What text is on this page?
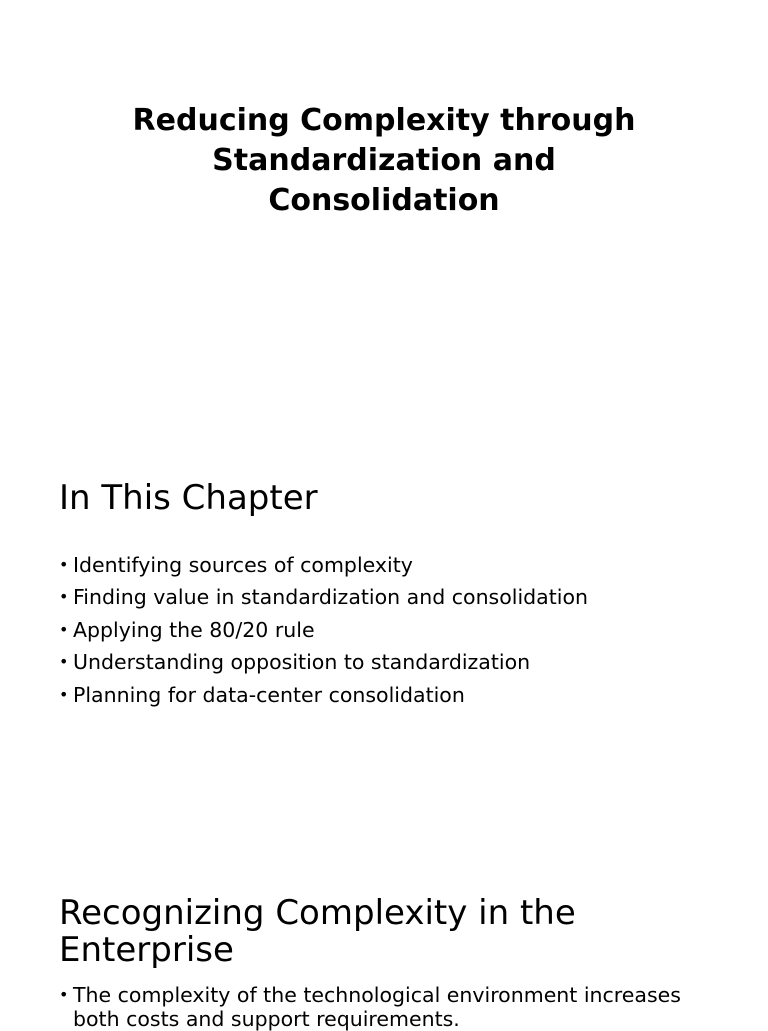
Reducing Complexity through
Standardization and
Consolidation
In This Chapter
• Identifying sources of complexity
• Finding value in standardization and consolidation
• Applying the 80/20 rule
• Understanding opposition to standardization
• Planning for data-center consolidation
Recognizing Complexity in the
Enterprise
• The complexity of the technological environment increases both costs and support requirements.
